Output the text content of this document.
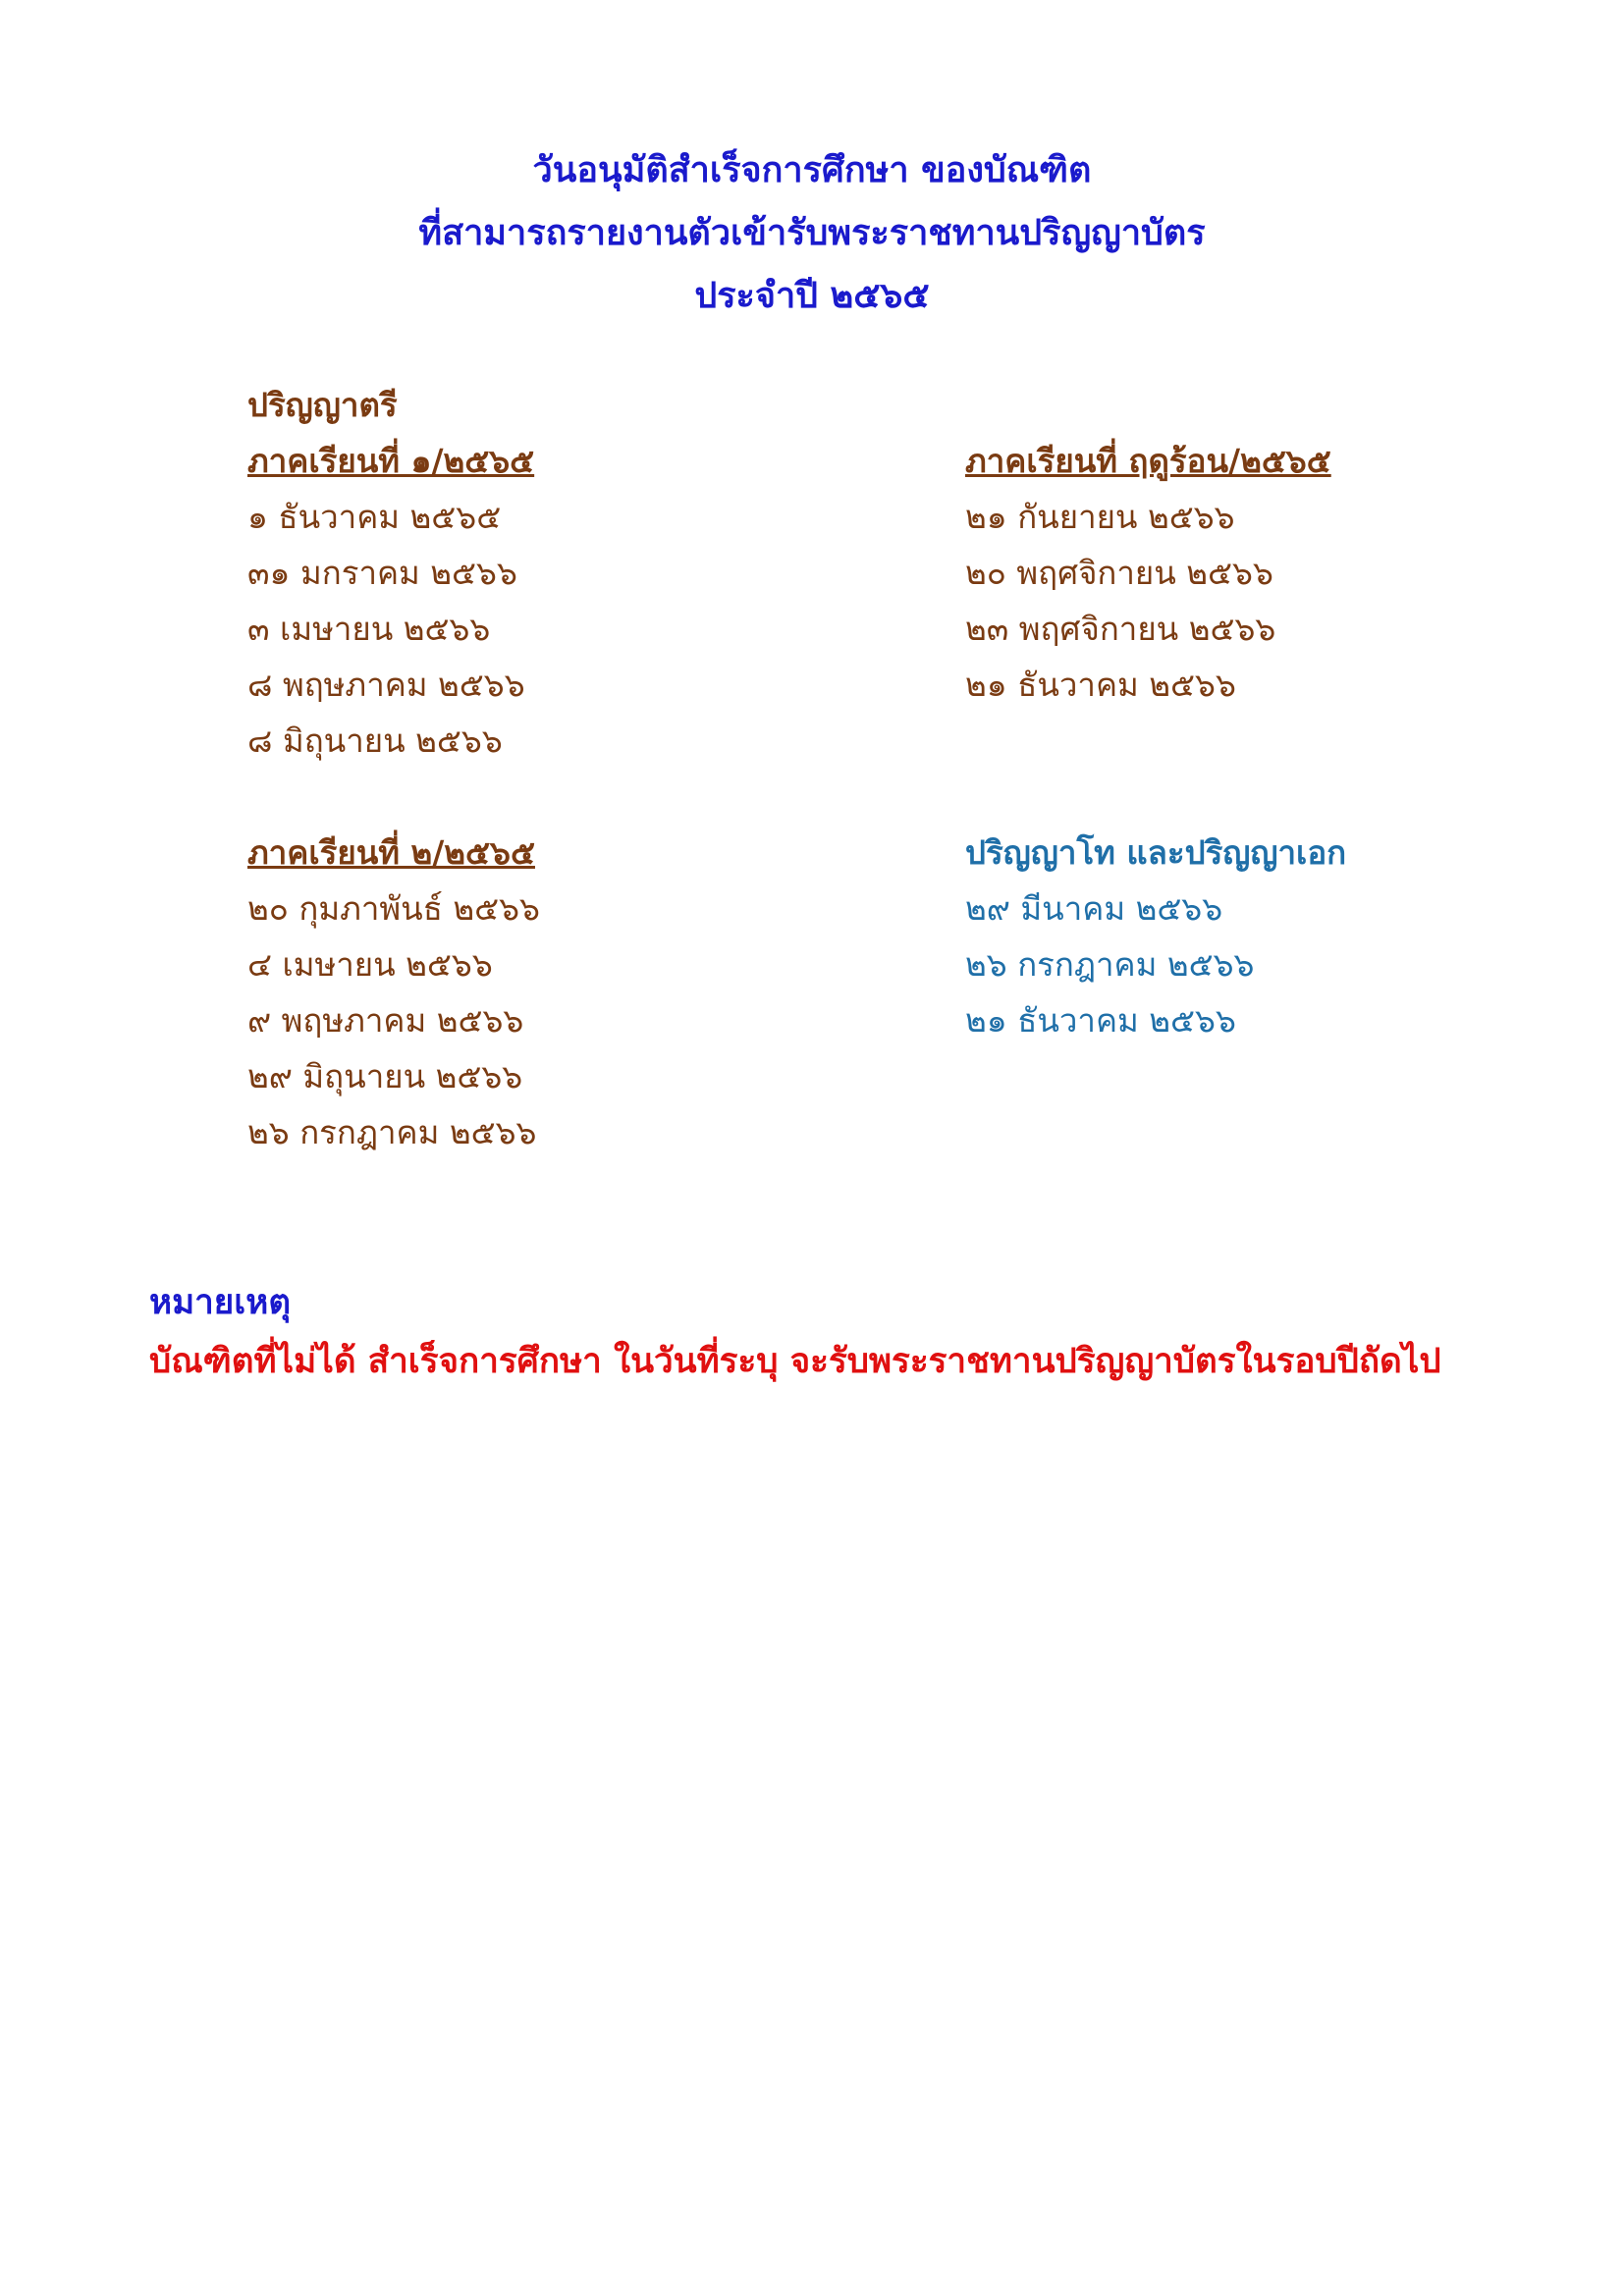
วันอนุมัติสำเร็จการศึกษา ของบัณฑิต
ที่สามารถรายงานตัวเข้ารับพระราชทานปริญญาบัตร
ประจำปี ๒๕๖๕
ปริญญาตรี
ภาคเรียนที่ ๑/๒๕๖๕
๑ ธันวาคม ๒๕๖๕
๓๑ มกราคม ๒๕๖๖
๓ เมษายน ๒๕๖๖
๘ พฤษภาคม ๒๕๖๖
๘ มิถุนายน ๒๕๖๖
ภาคเรียนที่ ฤดูร้อน/๒๕๖๕
๒๑ กันยายน ๒๕๖๖
๒๐ พฤศจิกายน ๒๕๖๖
๒๓ พฤศจิกายน ๒๕๖๖
๒๑ ธันวาคม ๒๕๖๖
ภาคเรียนที่ ๒/๒๕๖๕
๒๐ กุมภาพันธ์ ๒๕๖๖
๔ เมษายน ๒๕๖๖
๙ พฤษภาคม ๒๕๖๖
๒๙ มิถุนายน ๒๕๖๖
๒๖ กรกฎาคม ๒๕๖๖
ปริญญาโท และปริญญาเอก
๒๙ มีนาคม ๒๕๖๖
๒๖ กรกฎาคม ๒๕๖๖
๒๑ ธันวาคม ๒๕๖๖
หมายเหตุ
บัณฑิตที่ไม่ได้ สำเร็จการศึกษา ในวันที่ระบุ จะรับพระราชทานปริญญาบัตรในรอบปีถัดไป
